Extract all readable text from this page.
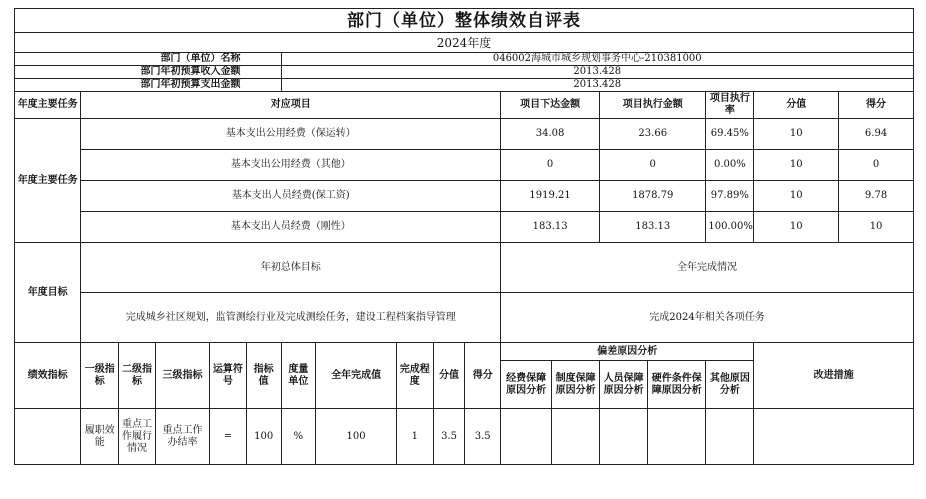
部门（单位）整体绩效自评表																	
2024年度																	
部门（单位）名称						046002海城市城乡规划事务中心-210381000											
部门年初预算收入金额						2013.428											
部门年初预算支出金额						2013.428											
年度主要任务	对应项目										项目下达金额		项目执行金额		项目执行率	分值	得分
年度主要任务	基本支出公用经费（保运转）										34.08		23.66		69.45%	10	6.94
	基本支出公用经费（其他）										0		0		0.00%	10	0
	基本支出人员经费(保工资)										1919.21		1878.79		97.89%	10	9.78
	基本支出人员经费（刚性）										183.13		183.13		100.00%	10	10
年度目标	年初总体目标										全年完成情况						
	完成城乡社区规划，监管测绘行业及完成测绘任务，建设工程档案指导管理										完成2024年相关各项任务						
绩效指标	一级指标	二级指标	三级指标	运算符号	指标值	度量单位	全年完成值	完成程度	分值	得分	偏差原因分析					改进措施	
											经费保障原因分析	制度保障原因分析	人员保障原因分析	硬件条件保障原因分析	其他原因分析		
	履职效能	重点工作履行情况	重点工作办结率	=	100	%	100	1	3.5	3.5							
